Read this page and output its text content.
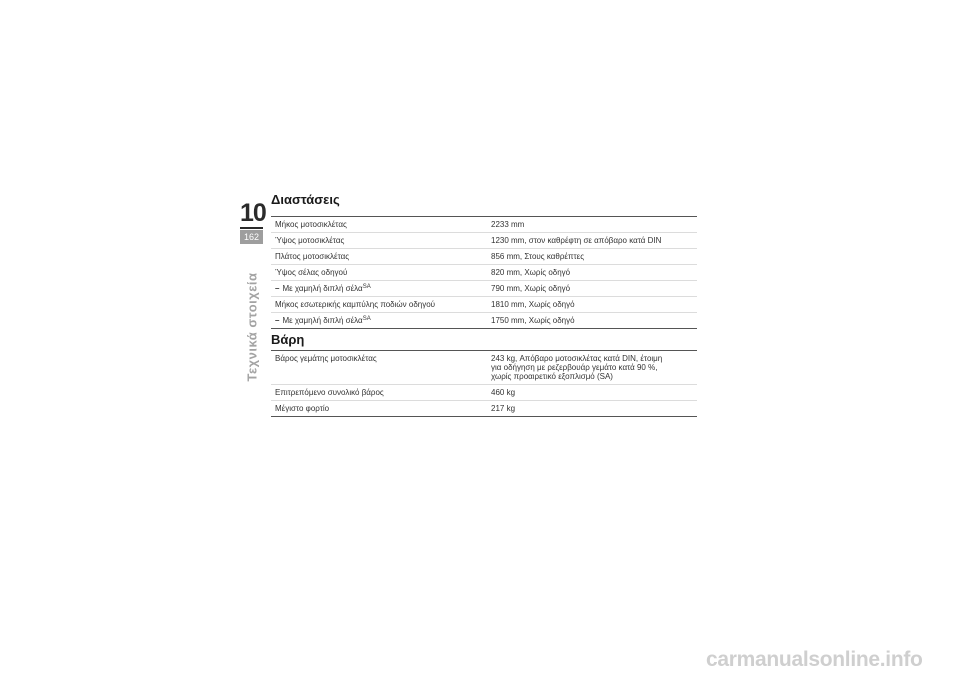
10
162
Τεχνικά στοιχεία
Διαστάσεις
Μήκος μοτοσικλέτας	2233 mm
Ύψος μοτοσικλέτας	1230 mm, στον καθρέφτη σε απόβαρο κατά DIN
Πλάτος μοτοσικλέτας	856 mm, Στους καθρέπτες
Ύψος σέλας οδηγού	820 mm, Χωρίς οδηγό
– Με χαμηλή διπλή σέλα$^{SA}$	790 mm, Χωρίς οδηγό
Μήκος εσωτερικής καμπύλης ποδιών οδηγού	1810 mm, Χωρίς οδηγό
– Με χαμηλή διπλή σέλα$^{SA}$	1750 mm, Χωρίς οδηγό
Βάρη
Βάρος γεμάτης μοτοσικλέτας	243 kg, Απόβαρο μοτοσικλέτας κατά DIN, έτοιμη
για οδήγηση με ρεζερβουάρ γεμάτο κατά 90 %,
χωρίς προαιρετικό εξοπλισμό (SA)

Επιτρεπόμενο συνολικό βάρος	460 kg
Μέγιστο φορτίο	217 kg
carmanualsonline.info
